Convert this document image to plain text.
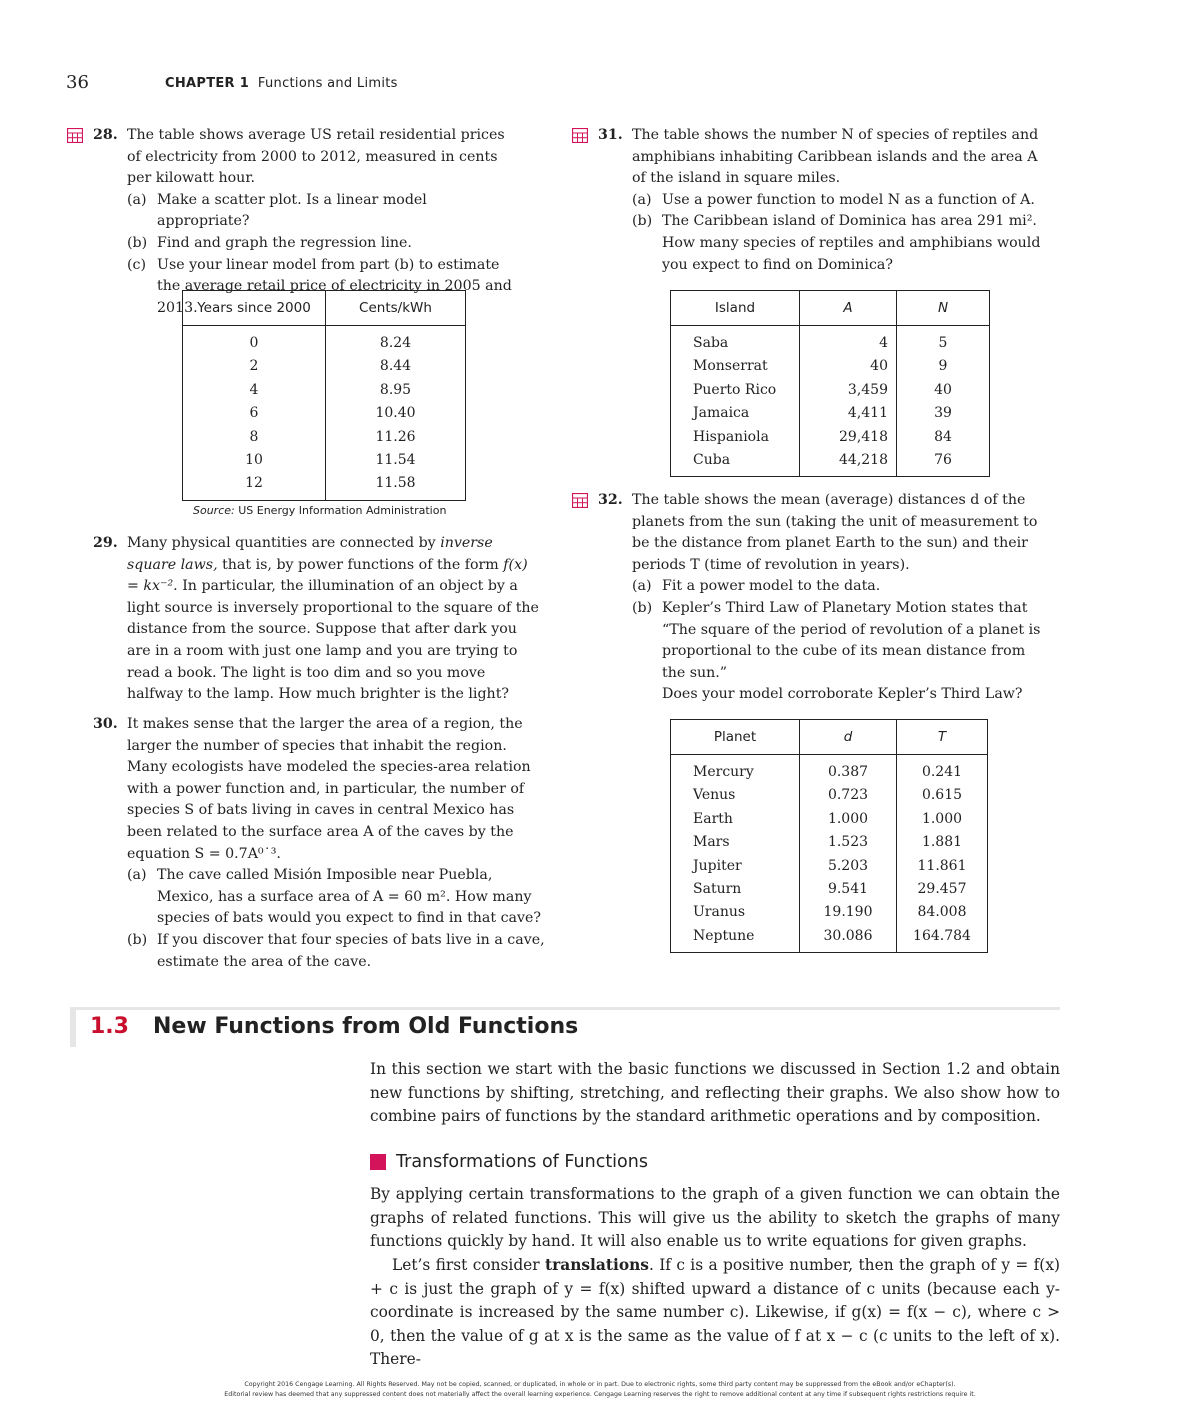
36	CHAPTER 1 Functions and Limits
28. The table shows average US retail residential prices of electricity from 2000 to 2012, measured in cents per kilowatt hour.

(a) Make a scatter plot. Is a linear model appropriate?
(b) Find and graph the regression line.
(c) Use your linear model from part (b) to estimate the average retail price of electricity in 2005 and 2013. Years since 2000	Cents/kWh
0	8.24
2	8.44
4	8.95
6	10.40
8	11.26
10	11.54
12	11.58
Source: US Energy Information Administration
29. Many physical quantities are connected by inverse square laws, that is, by power functions of the form f(x) = kx⁻². In particular, the illumination of an object by a light source is inversely proportional to the square of the distance from the source. Suppose that after dark you are in a room with just one lamp and you are trying to read a book. The light is too dim and so you move halfway to the lamp. How much brighter is the light?

30. It makes sense that the larger the area of a region, the larger the number of species that inhabit the region. Many ecologists have modeled the species-area relation with a power function and, in particular, the number of species S of bats living in caves in central Mexico has been related to the surface area A of the caves by the equation S = 0.7A⁰˙³.

(a) The cave called Misión Imposible near Puebla, Mexico, has a surface area of A = 60 m². How many species of bats would you expect to find in that cave?
(b) If you discover that four species of bats live in a cave, estimate the area of the cave.
31. The table shows the number N of species of reptiles and amphibians inhabiting Caribbean islands and the area A of the island in square miles.

(a) Use a power function to model N as a function of A.
(b) The Caribbean island of Dominica has area 291 mi². How many species of reptiles and amphibians would you expect to find on Dominica?
Island	A	N
Saba	4	5
Monserrat	40	9
Puerto Rico	3,459	40
Jamaica	4,411	39
Hispaniola	29,418	84
Cuba	44,218	76
32. The table shows the mean (average) distances d of the planets from the sun (taking the unit of measurement to be the distance from planet Earth to the sun) and their periods T (time of revolution in years).

(a) Fit a power model to the data.
(b) Kepler’s Third Law of Planetary Motion states that “The square of the period of revolution of a planet is proportional to the cube of its mean distance from the sun.”
Does your model corroborate Kepler’s Third Law?
Planet	d	T
Mercury	0.387	0.241
Venus	0.723	0.615
Earth	1.000	1.000
Mars	1.523	1.881
Jupiter	5.203	11.861
Saturn	9.541	29.457
Uranus	19.190	84.008
Neptune	30.086	164.784
1.3 New Functions from Old Functions
In this section we start with the basic functions we discussed in Section 1.2 and obtain new functions by shifting, stretching, and reflecting their graphs. We also show how to combine pairs of functions by the standard arithmetic operations and by composition.
Transformations of Functions
By applying certain transformations to the graph of a given function we can obtain the graphs of related functions. This will give us the ability to sketch the graphs of many functions quickly by hand. It will also enable us to write equations for given graphs.
Let’s first consider translations. If c is a positive number, then the graph of y = f(x) + c is just the graph of y = f(x) shifted upward a distance of c units (because each y-coordinate is increased by the same number c). Likewise, if g(x) = f(x − c), where c > 0, then the value of g at x is the same as the value of f at x − c (c units to the left of x). There-
Copyright 2016 Cengage Learning. All Rights Reserved. May not be copied, scanned, or duplicated, in whole or in part. Due to electronic rights, some third party content may be suppressed from the eBook and/or eChapter(s).
Editorial review has deemed that any suppressed content does not materially affect the overall learning experience. Cengage Learning reserves the right to remove additional content at any time if subsequent rights restrictions require it.
